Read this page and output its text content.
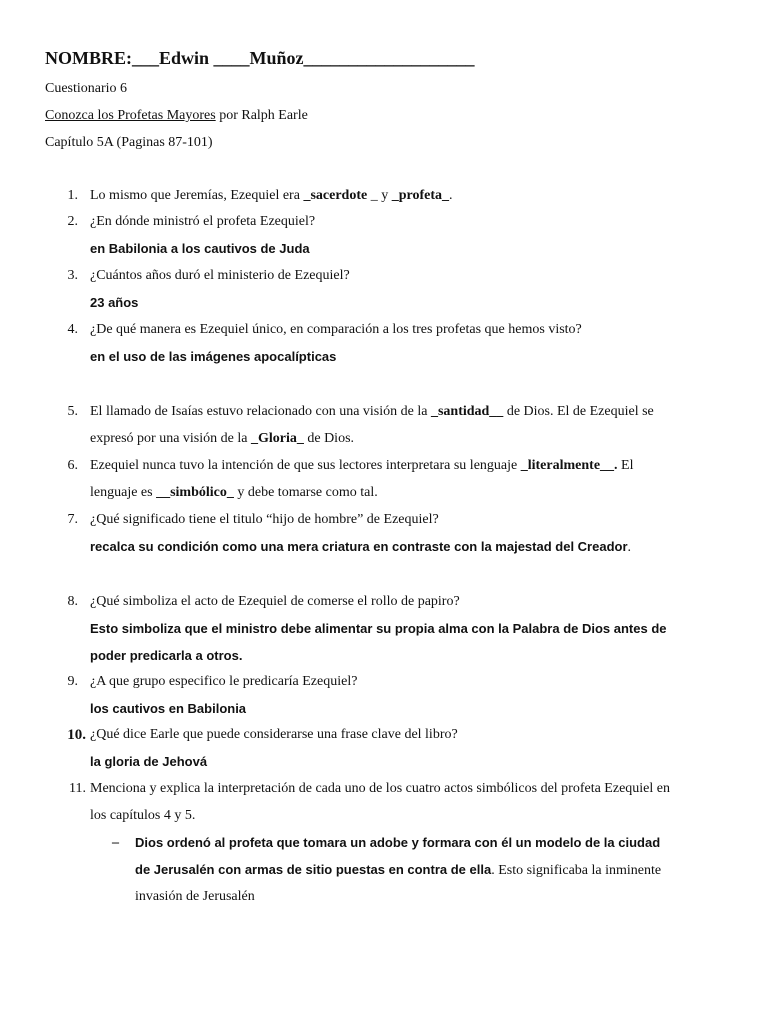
NOMBRE:___Edwin ____Muñoz___________________
Cuestionario 6
Conozca los Profetas Mayores por Ralph Earle
Capítulo 5A (Paginas 87-101)
1. Lo mismo que Jeremías, Ezequiel era _sacerdote _ y _profeta_.
2. ¿En dónde ministró el profeta Ezequiel?
en Babilonia a los cautivos de Juda
3. ¿Cuántos años duró el ministerio de Ezequiel?
23 años
4. ¿De qué manera es Ezequiel único, en comparación a los tres profetas que hemos visto?
en el uso de las imágenes apocalípticas
5. El llamado de Isaías estuvo relacionado con una visión de la _santidad__ de Dios. El de Ezequiel se
expresó por una visión de la _Gloria_ de Dios.
6. Ezequiel nunca tuvo la intención de que sus lectores interpretara su lenguaje _literalmente__. El
lenguaje es __simbólico_ y debe tomarse como tal.
7. ¿Qué significado tiene el titulo “hijo de hombre” de Ezequiel?
recalca su condición como una mera criatura en contraste con la majestad del Creador.
8. ¿Qué simboliza el acto de Ezequiel de comerse el rollo de papiro?
Esto simboliza que el ministro debe alimentar su propia alma con la Palabra de Dios antes de
poder predicarla a otros.
9. ¿A que grupo especifico le predicaría Ezequiel?
los cautivos en Babilonia
10. ¿Qué dice Earle que puede considerarse una frase clave del libro?
la gloria de Jehová
11. Menciona y explica la interpretación de cada uno de los cuatro actos simbólicos del profeta Ezequiel en
los capítulos 4 y 5.
– Dios ordenó al profeta que tomara un adobe y formara con él un modelo de la ciudad
de Jerusalén con armas de sitio puestas en contra de ella. Esto significaba la inminente
invasión de Jerusalén
